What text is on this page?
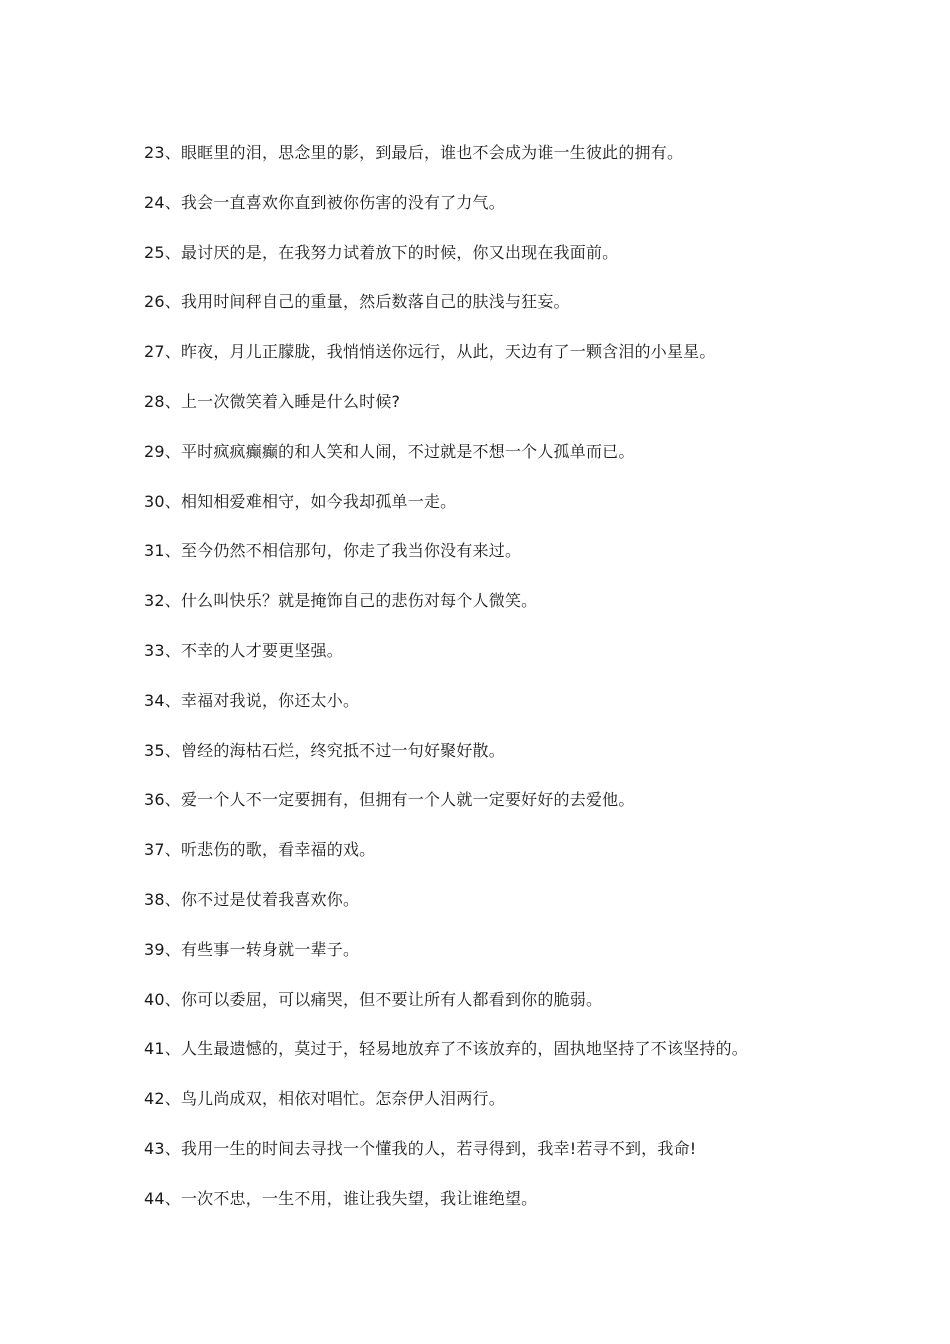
23、眼眶里的泪，思念里的影，到最后，谁也不会成为谁一生彼此的拥有。
24、我会一直喜欢你直到被你伤害的没有了力气。
25、最讨厌的是，在我努力试着放下的时候，你又出现在我面前。
26、我用时间秤自己的重量，然后数落自己的肤浅与狂妄。
27、昨夜，月儿正朦胧，我悄悄送你远行，从此，天边有了一颗含泪的小星星。
28、上一次微笑着入睡是什么时候?
29、平时疯疯癫癫的和人笑和人闹，不过就是不想一个人孤单而已。
30、相知相爱难相守，如今我却孤单一走。
31、至今仍然不相信那句，你走了我当你没有来过。
32、什么叫快乐？就是掩饰自己的悲伤对每个人微笑。
33、不幸的人才要更坚强。
34、幸福对我说，你还太小。
35、曾经的海枯石烂，终究抵不过一句好聚好散。
36、爱一个人不一定要拥有，但拥有一个人就一定要好好的去爱他。
37、听悲伤的歌，看幸福的戏。
38、你不过是仗着我喜欢你。
39、有些事一转身就一辈子。
40、你可以委屈，可以痛哭，但不要让所有人都看到你的脆弱。
41、人生最遗憾的，莫过于，轻易地放弃了不该放弃的，固执地坚持了不该坚持的。
42、鸟儿尚成双，相依对唱忙。怎奈伊人泪两行。
43、我用一生的时间去寻找一个懂我的人，若寻得到，我幸!若寻不到，我命!
44、一次不忠，一生不用，谁让我失望，我让谁绝望。
